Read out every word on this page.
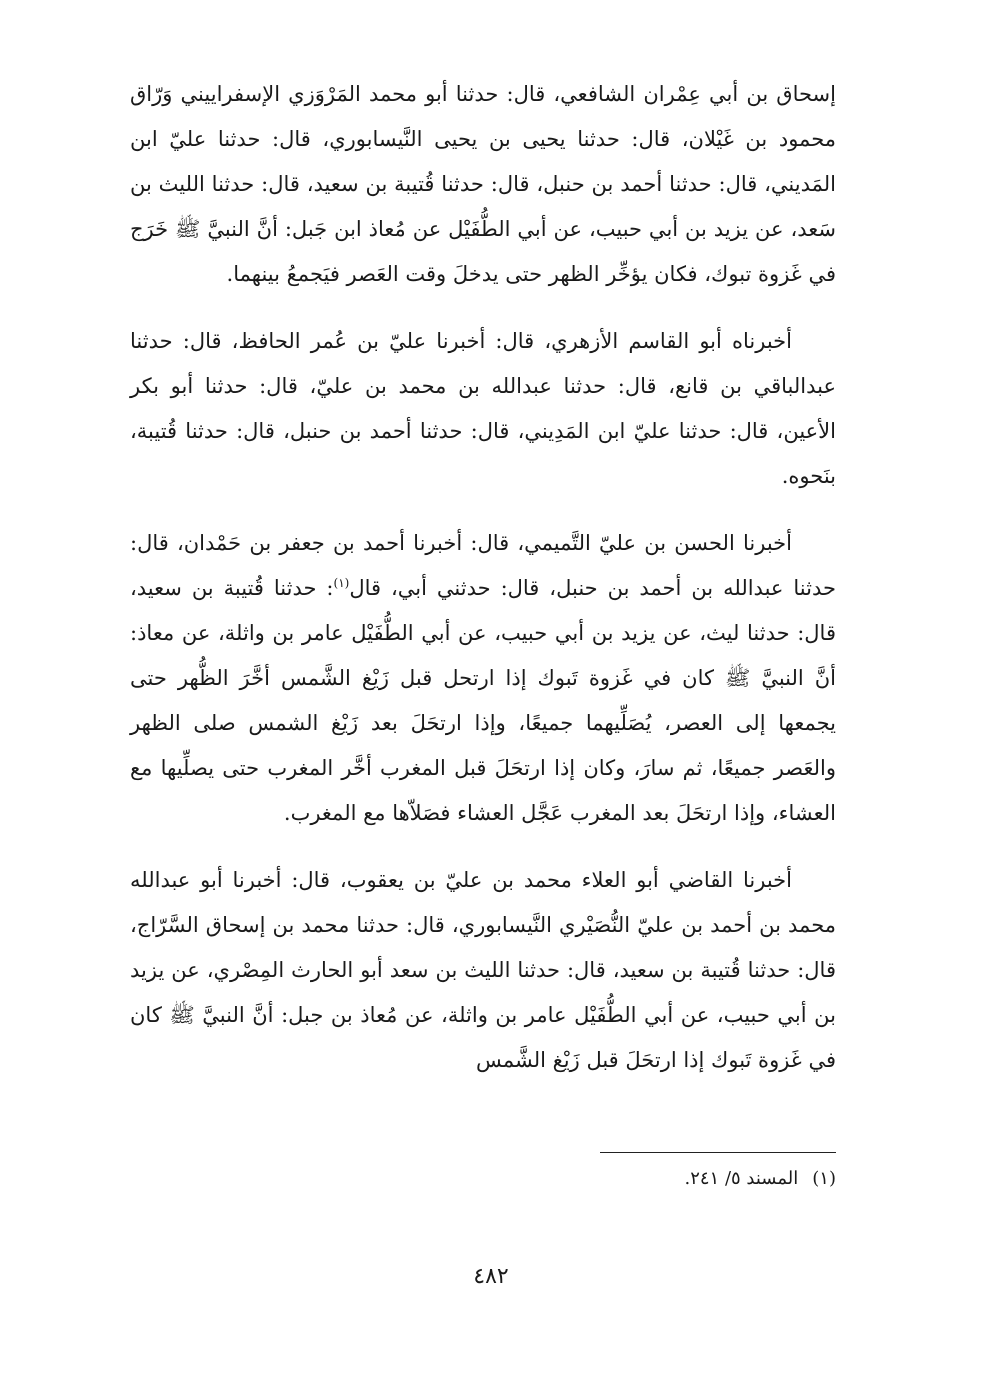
إسحاق بن أبي عِمْران الشافعي، قال: حدثنا أبو محمد المَرْوَزي الإسفراييني وَرّاق محمود بن غَيْلان، قال: حدثنا يحيى بن يحيى النَّيسابوري، قال: حدثنا عليّ ابن المَديني، قال: حدثنا أحمد بن حنبل، قال: حدثنا قُتيبة بن سعيد، قال: حدثنا الليث بن سَعد، عن يزيد بن أبي حبيب، عن أبي الطُّفَيْل عن مُعاذ ابن جَبل: أنَّ النبيَّ ﷺ خَرَج في غَزوة تبوك، فكان يؤخِّر الظهر حتى يدخلَ وقت العَصر فيَجمعُ بينهما.

أخبرناه أبو القاسم الأزهري، قال: أخبرنا عليّ بن عُمر الحافظ، قال: حدثنا عبدالباقي بن قانع، قال: حدثنا عبدالله بن محمد بن عليّ، قال: حدثنا أبو بكر الأعين، قال: حدثنا عليّ ابن المَدِيني، قال: حدثنا أحمد بن حنبل، قال: حدثنا قُتيبة، بنَحوه.

أخبرنا الحسن بن عليّ التَّميمي، قال: أخبرنا أحمد بن جعفر بن حَمْدان، قال: حدثنا عبدالله بن أحمد بن حنبل، قال: حدثني أبي، قال$^{(١)}$: حدثنا قُتيبة بن سعيد، قال: حدثنا ليث، عن يزيد بن أبي حبيب، عن أبي الطُّفَيْل عامر بن واثلة، عن معاذ: أنَّ النبيَّ ﷺ كان في غَزوة تَبوك إذا ارتحل قبل زَيْغ الشَّمس أخَّرَ الظُّهر حتى يجمعها إلى العصر، يُصَلِّيهما جميعًا، وإذا ارتحَلَ بعد زَيْغ الشمس صلى الظهر والعَصر جميعًا، ثم سارَ، وكان إذا ارتحَلَ قبل المغرب أخَّر المغرب حتى يصلِّيها مع العشاء، وإذا ارتحَلَ بعد المغرب عَجَّل العشاء فصَلاّها مع المغرب.

أخبرنا القاضي أبو العلاء محمد بن عليّ بن يعقوب، قال: أخبرنا أبو عبدالله محمد بن أحمد بن عليّ النُّصَيْري النَّيسابوري، قال: حدثنا محمد بن إسحاق السَّرّاج، قال: حدثنا قُتيبة بن سعيد، قال: حدثنا الليث بن سعد أبو الحارث المِصْري، عن يزيد بن أبي حبيب، عن أبي الطُّفَيْل عامر بن واثلة، عن مُعاذ بن جبل: أنَّ النبيَّ ﷺ كان في غَزوة تَبوك إذا ارتحَلَ قبل زَيْغ الشَّمس

(١)المسند ٥/ ٢٤١.
٤٨٢
